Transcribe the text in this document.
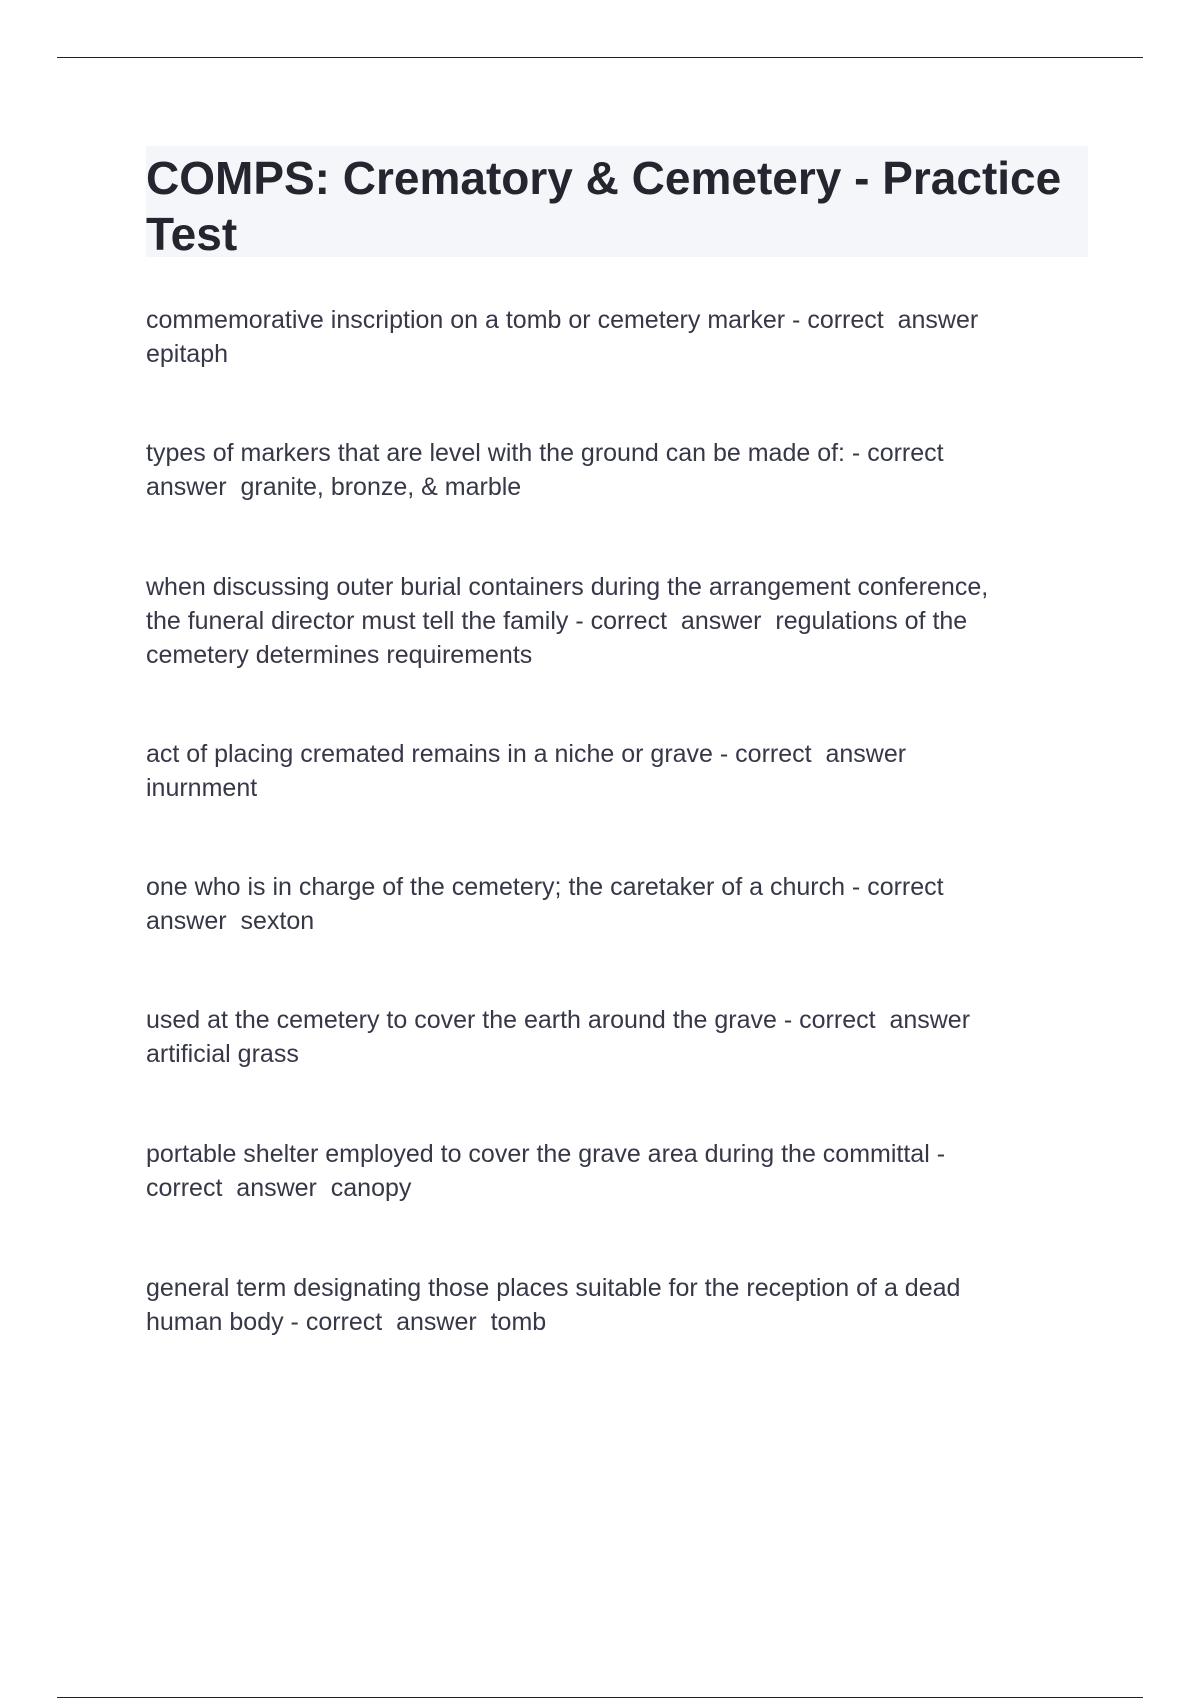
COMPS: Crematory & Cemetery - Practice Test

commemorative inscription on a tomb or cemetery marker - correct  answer
epitaph

types of markers that are level with the ground can be made of: - correct
answer  granite, bronze, & marble

when discussing outer burial containers during the arrangement conference,
the funeral director must tell the family - correct  answer  regulations of the
cemetery determines requirements

act of placing cremated remains in a niche or grave - correct  answer
inurnment

one who is in charge of the cemetery; the caretaker of a church - correct
answer  sexton

used at the cemetery to cover the earth around the grave - correct  answer
artificial grass

portable shelter employed to cover the grave area during the committal -
correct  answer  canopy

general term designating those places suitable for the reception of a dead
human body - correct  answer  tomb
